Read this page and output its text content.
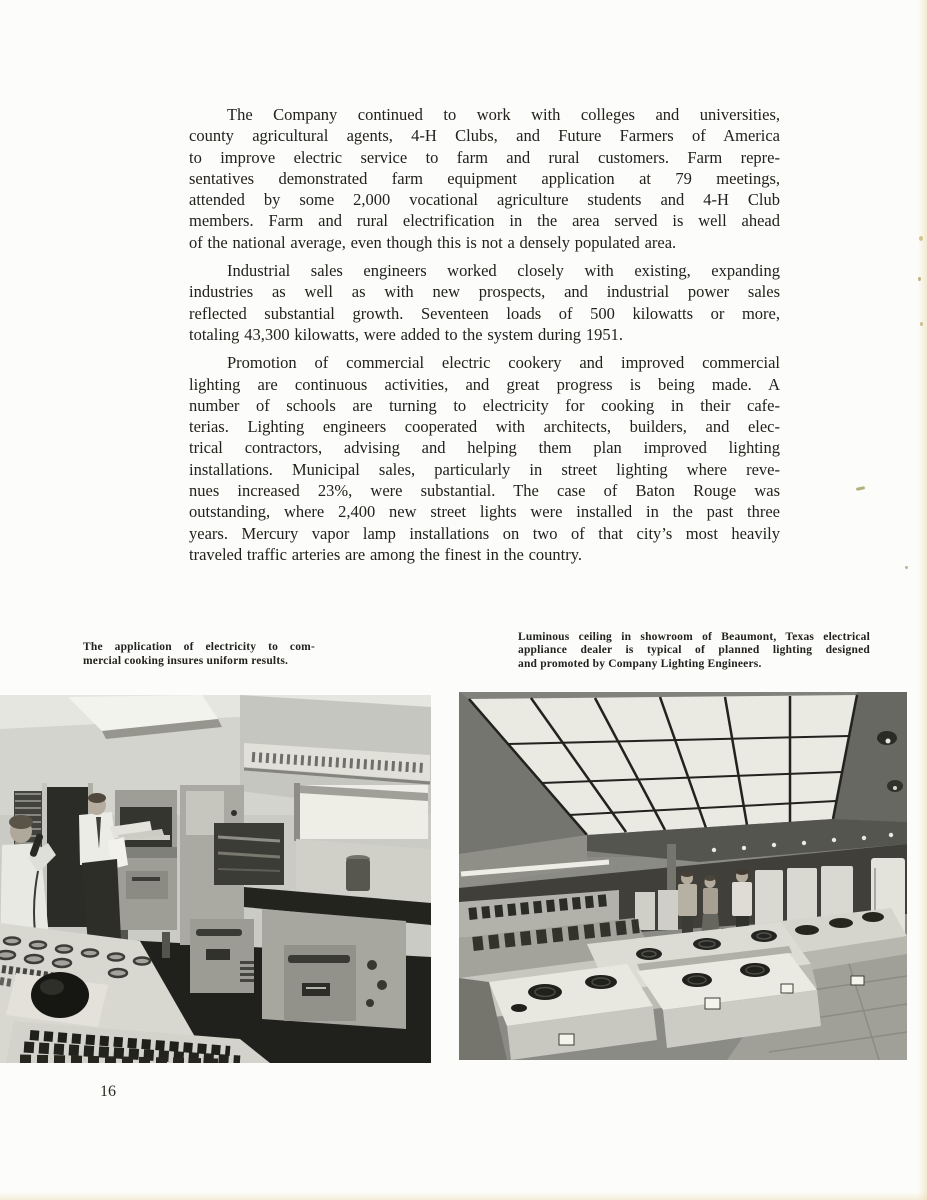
The Company continued to work with colleges and universities,
county agricultural agents, 4-H Clubs, and Future Farmers of America
to improve electric service to farm and rural customers. Farm repre-
sentatives demonstrated farm equipment application at 79 meetings,
attended by some 2,000 vocational agriculture students and 4-H Club
members. Farm and rural electrification in the area served is well ahead
of the national average, even though this is not a densely populated area.
Industrial sales engineers worked closely with existing, expanding
industries as well as with new prospects, and industrial power sales
reflected substantial growth. Seventeen loads of 500 kilowatts or more,
totaling 43,300 kilowatts, were added to the system during 1951.
Promotion of commercial electric cookery and improved commercial
lighting are continuous activities, and great progress is being made. A
number of schools are turning to electricity for cooking in their cafe-
terias. Lighting engineers cooperated with architects, builders, and elec-
trical contractors, advising and helping them plan improved lighting
installations. Municipal sales, particularly in street lighting where reve-
nues increased 23%, were substantial. The case of Baton Rouge was
outstanding, where 2,400 new street lights were installed in the past three
years. Mercury vapor lamp installations on two of that city’s most heavily
traveled traffic arteries are among the finest in the country.
The application of electricity to com-
mercial cooking insures uniform results.
Luminous ceiling in showroom of Beaumont, Texas electrical
appliance dealer is typical of planned lighting designed
and promoted by Company Lighting Engineers.
16
